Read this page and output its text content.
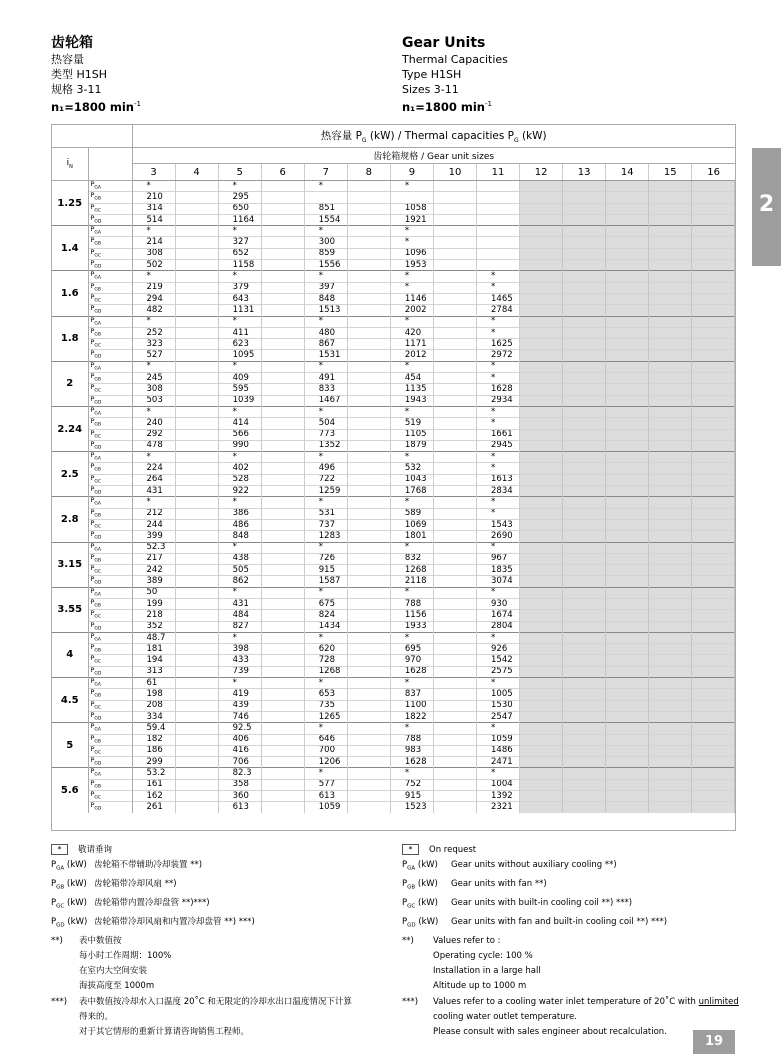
齿轮箱
热容量
类型 H1SH
规格 3-11
n₁=1800 $\min^{-1}$
Gear Units
Thermal Capacities
Type H1SH
Sizes 3-11
n₁=1800 $\min^{-1}$
		热容量 $P_G$ (kW) / Thermal capacities $P_G$ (kW)													
$i_N$		齿轮箱规格 / Gear unit sizes													
		3	4	5	6	7	8	9	10	11	12	13	14	15	16
1.25	$P_{GA}$	*		*		*		*							
	$P_{GB}$	210		295											
	$P_{GC}$	314		650		851		1058							
	$P_{GD}$	514		1164		1554		1921							
1.4	$P_{GA}$	*		*		*		*							
	$P_{GB}$	214		327		300		*							
	$P_{GC}$	308		652		859		1096							
	$P_{GD}$	502		1158		1556		1953							
1.6	$P_{GA}$	*		*		*		*		*					
	$P_{GB}$	219		379		397		*		*					
	$P_{GC}$	294		643		848		1146		1465					
	$P_{GD}$	482		1131		1513		2002		2784					
1.8	$P_{GA}$	*		*		*		*		*					
	$P_{GB}$	252		411		480		420		*					
	$P_{GC}$	323		623		867		1171		1625					
	$P_{GD}$	527		1095		1531		2012		2972					
2	$P_{GA}$	*		*		*		*		*					
	$P_{GB}$	245		409		491		454		*					
	$P_{GC}$	308		595		833		1135		1628					
	$P_{GD}$	503		1039		1467		1943		2934					
2.24	$P_{GA}$	*		*		*		*		*					
	$P_{GB}$	240		414		504		519		*					
	$P_{GC}$	292		566		773		1105		1661					
	$P_{GD}$	478		990		1352		1879		2945					
2.5	$P_{GA}$	*		*		*		*		*					
	$P_{GB}$	224		402		496		532		*					
	$P_{GC}$	264		528		722		1043		1613					
	$P_{GD}$	431		922		1259		1768		2834					
2.8	$P_{GA}$	*		*		*		*		*					
	$P_{GB}$	212		386		531		589		*					
	$P_{GC}$	244		486		737		1069		1543					
	$P_{GD}$	399		848		1283		1801		2690					
3.15	$P_{GA}$	52.3		*		*		*		*					
	$P_{GB}$	217		438		726		832		967					
	$P_{GC}$	242		505		915		1268		1835					
	$P_{GD}$	389		862		1587		2118		3074					
3.55	$P_{GA}$	50		*		*		*		*					
	$P_{GB}$	199		431		675		788		930					
	$P_{GC}$	218		484		824		1156		1674					
	$P_{GD}$	352		827		1434		1933		2804					
4	$P_{GA}$	48.7		*		*		*		*					
	$P_{GB}$	181		398		620		695		926					
	$P_{GC}$	194		433		728		970		1542					
	$P_{GD}$	313		739		1268		1628		2575					
4.5	$P_{GA}$	61		*		*		*		*					
	$P_{GB}$	198		419		653		837		1005					
	$P_{GC}$	208		439		735		1100		1530					
	$P_{GD}$	334		746		1265		1822		2547					
5	$P_{GA}$	59.4		92.5		*		*		*					
	$P_{GB}$	182		406		646		788		1059					
	$P_{GC}$	186		416		700		983		1486					
	$P_{GD}$	299		706		1206		1628		2471					
5.6	$P_{GA}$	53.2		82.3		*		*		*					
	$P_{GB}$	161		358		577		752		1004					
	$P_{GC}$	162		360		613		915		1392					
	$P_{GD}$	261		613		1059		1523		2321					
2
* 敬请垂询
$P_{GA}$ (kW) 齿轮箱不带辅助冷却装置 **)
$P_{GB}$ (kW) 齿轮箱带冷却风扇 **)
$P_{GC}$ (kW) 齿轮箱带内置冷却盘管 **)***)
$P_{GD}$ (kW) 齿轮箱带冷却风扇和内置冷却盘管 **) ***)
**) 表中数值按
每小时工作周期：100%
在室内大空间安装
海拔高度至 1000m
***) 表中数值按冷却水入口温度 20˚C 和无限定的冷却水出口温度情况下计算
得来的。
对于其它情形的重新计算请咨询销售工程师。
* On request
$P_{GA}$ (kW) Gear units without auxiliary cooling **)
$P_{GB}$ (kW) Gear units with fan **)
$P_{GC}$ (kW) Gear units with built-in cooling coil **) ***)
$P_{GD}$ (kW) Gear units with fan and built-in cooling coil **) ***)
**) Values refer to :
Operating cycle: 100 %
Installation in a large hall
Altitude up to 1000 m
***) Values refer to a cooling water inlet temperature of 20˚C with unlimited
cooling water outlet temperature.
Please consult with sales engineer about recalculation.
19
